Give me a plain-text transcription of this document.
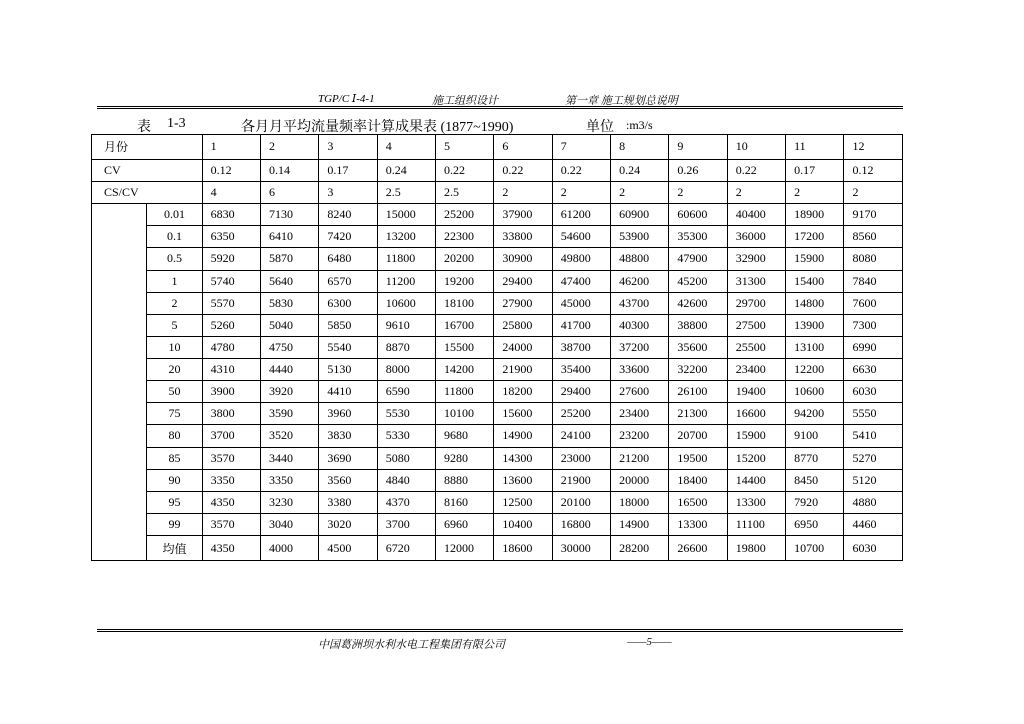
TGP/C Ⅰ-4-1	施工组织设计	第一章 施工规划总说明
表 1-3	各月月平均流量频率计算成果表 (1877~1990)	单位 :m3/s
月份		1	2	3	4	5	6	7	8	9	10	11	12
CV		0.12	0.14	0.17	0.24	0.22	0.22	0.22	0.24	0.26	0.22	0.17	0.12
CS/CV		4	6	3	2.5	2.5	2	2	2	2	2	2	2
	0.01	6830	7130	8240	15000	25200	37900	61200	60900	60600	40400	18900	9170
	0.1	6350	6410	7420	13200	22300	33800	54600	53900	35300	36000	17200	8560
	0.5	5920	5870	6480	11800	20200	30900	49800	48800	47900	32900	15900	8080
	1	5740	5640	6570	11200	19200	29400	47400	46200	45200	31300	15400	7840
	2	5570	5830	6300	10600	18100	27900	45000	43700	42600	29700	14800	7600
	5	5260	5040	5850	9610	16700	25800	41700	40300	38800	27500	13900	7300
	10	4780	4750	5540	8870	15500	24000	38700	37200	35600	25500	13100	6990
	20	4310	4440	5130	8000	14200	21900	35400	33600	32200	23400	12200	6630
	50	3900	3920	4410	6590	11800	18200	29400	27600	26100	19400	10600	6030
	75	3800	3590	3960	5530	10100	15600	25200	23400	21300	16600	94200	5550
	80	3700	3520	3830	5330	9680	14900	24100	23200	20700	15900	9100	5410
	85	3570	3440	3690	5080	9280	14300	23000	21200	19500	15200	8770	5270
	90	3350	3350	3560	4840	8880	13600	21900	20000	18400	14400	8450	5120
	95	4350	3230	3380	4370	8160	12500	20100	18000	16500	13300	7920	4880
	99	3570	3040	3020	3700	6960	10400	16800	14900	13300	11100	6950	4460
	均值	4350	4000	4500	6720	12000	18600	30000	28200	26600	19800	10700	6030
中国葛洲坝水利水电工程集团有限公司	——5——
